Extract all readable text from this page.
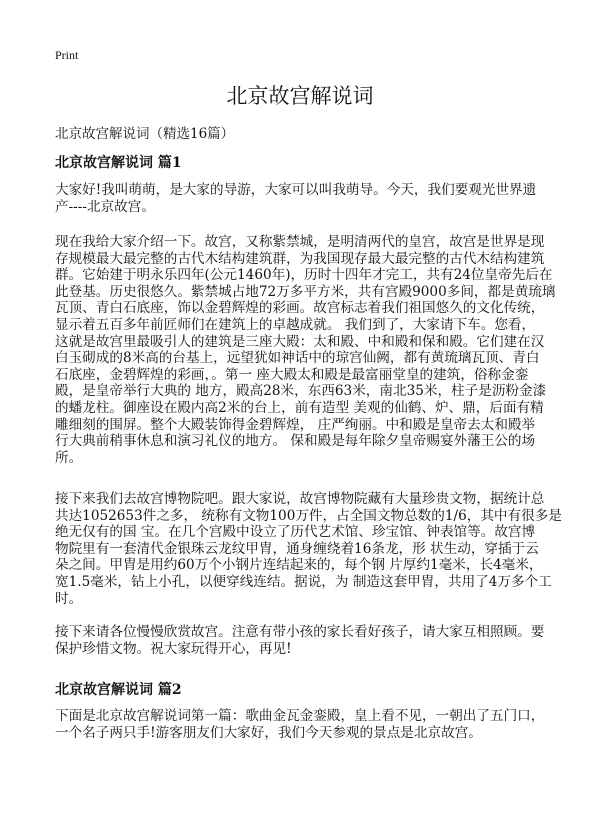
Print
北京故宫解说词
北京故宫解说词（精选16篇）
北京故宫解说词 篇1
大家好!我叫萌萌，是大家的导游，大家可以叫我萌导。今天，我们要观光世界遗
产----北京故宫。
现在我给大家介绍一下。故宫，又称紫禁城，是明清两代的皇宫，故宫是世界是现
存规模最大最完整的古代木结构建筑群，为我国现存最大最完整的古代木结构建筑
群。它始建于明永乐四年(公元1460年)，历时十四年才完工，共有24位皇帝先后在
此登基。历史很悠久。紫禁城占地72万多平方米，共有宫殿9000多间，都是黄琉璃
瓦顶、青白石底座，饰以金碧辉煌的彩画。故宫标志着我们祖国悠久的文化传统，
显示着五百多年前匠师们在建筑上的卓越成就。 我们到了，大家请下车。您看，
这就是故宫里最吸引人的建筑是三座大殿：太和殿、中和殿和保和殿。它们建在汉
白玉砌成的8米高的台基上，远望犹如神话中的琼宫仙阙，都有黄琉璃瓦顶、青白
石底座，金碧辉煌的彩画，。第一 座大殿太和殿是最富丽堂皇的建筑，俗称金銮
殿，是皇帝举行大典的 地方，殿高28米，东西63米，南北35米，柱子是沥粉金漆
的蟠龙柱。御座设在殿内高2米的台上，前有造型 美观的仙鹤、炉、鼎，后面有精
雕细刻的围屏。整个大殿装饰得金碧辉煌， 庄严绚丽。中和殿是皇帝去太和殿举
行大典前稍事休息和演习礼仪的地方。 保和殿是每年除夕皇帝赐宴外藩王公的场
所。
接下来我们去故宫博物院吧。跟大家说，故宫博物院藏有大量珍贵文物，据统计总
共达1052653件之多， 统称有文物100万件，占全国文物总数的1/6，其中有很多是
绝无仅有的国 宝。在几个宫殿中设立了历代艺术馆、珍宝馆、钟表馆等。故宫博
物院里有一套清代金银珠云龙纹甲胄，通身缠绕着16条龙，形 状生动，穿插于云
朵之间。甲胄是用约60万个小钢片连结起来的，每个钢 片厚约1毫米，长4毫米，
宽1.5毫米，钻上小孔，以便穿线连结。据说，为 制造这套甲胄，共用了4万多个工
时。
接下来请各位慢慢欣赏故宫。注意有带小孩的家长看好孩子，请大家互相照顾。要
保护珍惜文物。祝大家玩得开心，再见!
北京故宫解说词 篇2
下面是北京故宫解说词第一篇：歌曲金瓦金銮殿，皇上看不见，一朝出了五门口，
一个名子两只手!游客朋友们大家好，我们今天参观的景点是北京故宫。
